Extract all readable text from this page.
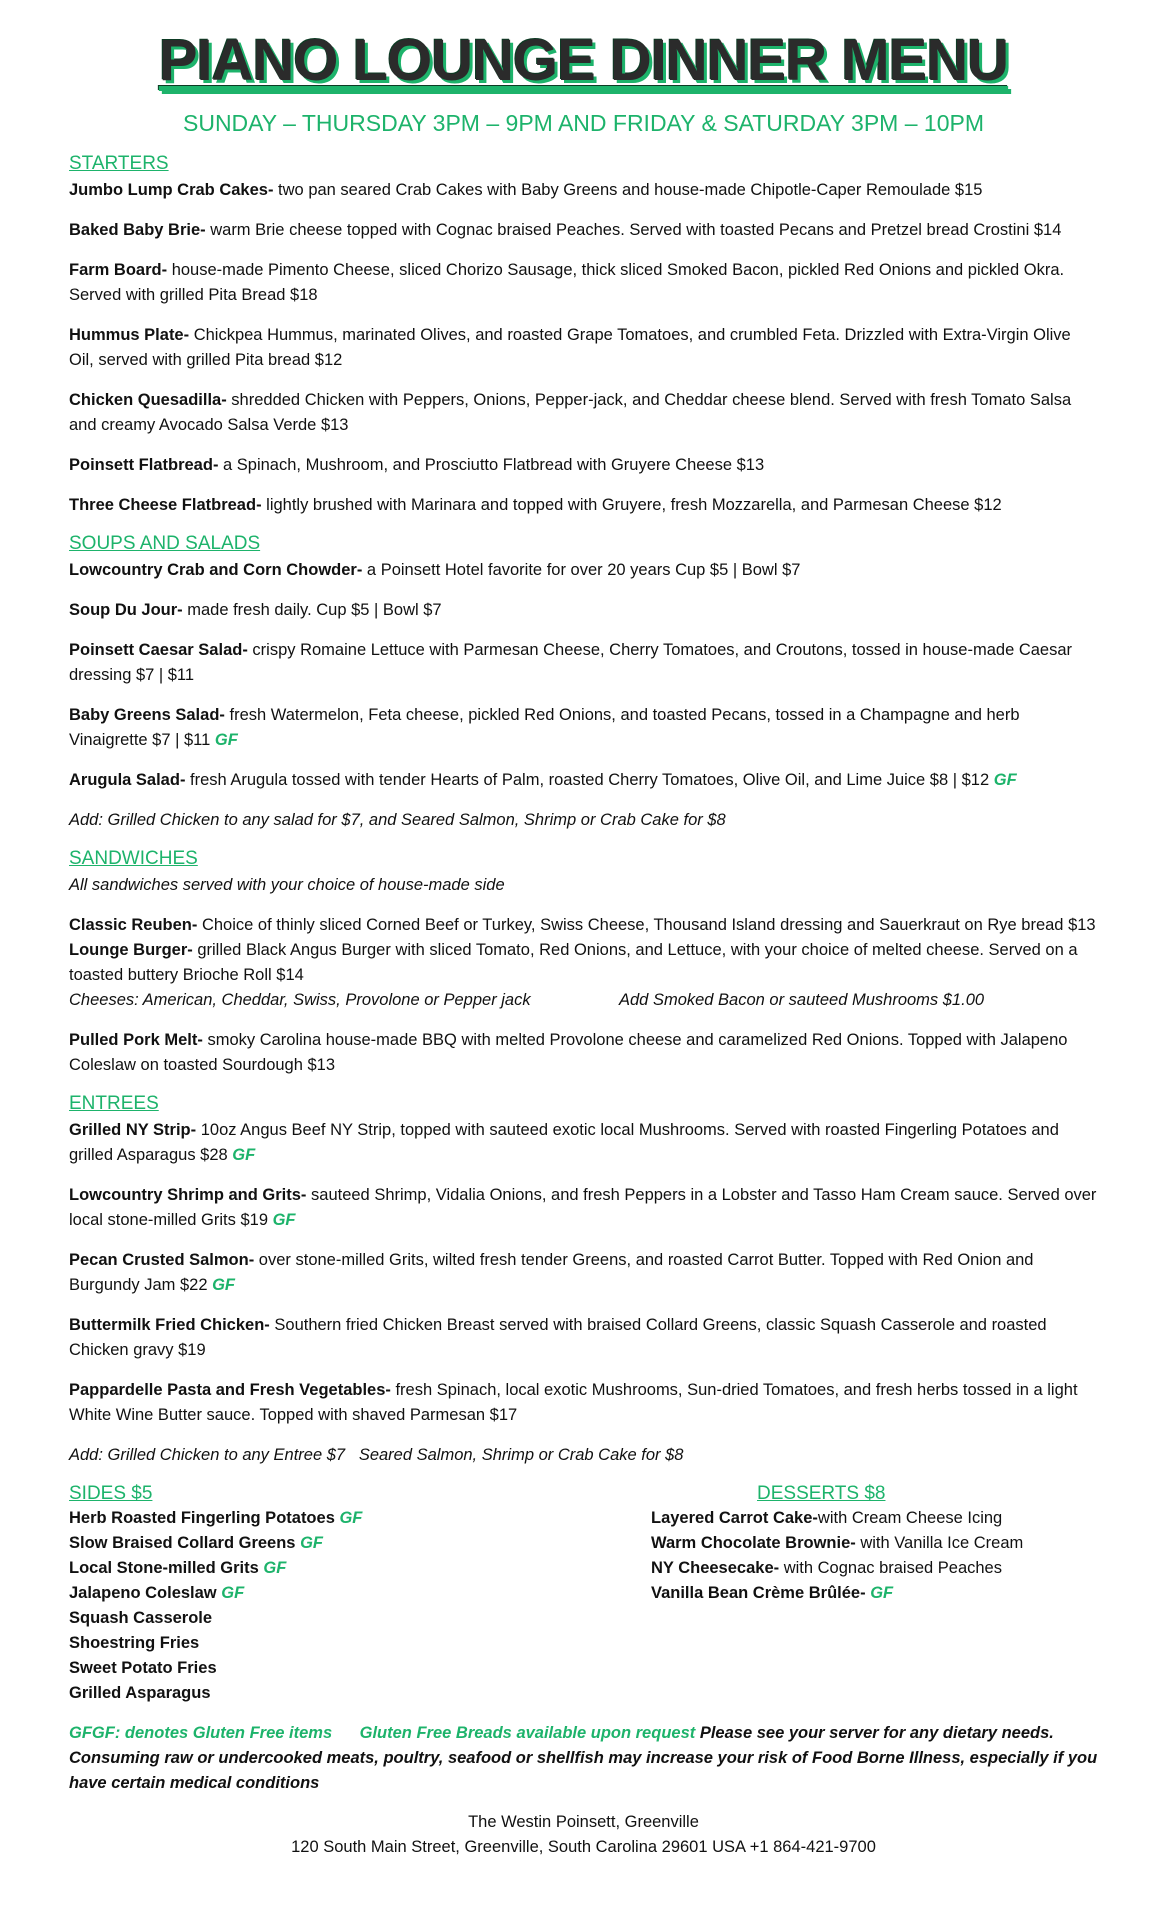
PIANO LOUNGE DINNER MENU
SUNDAY – THURSDAY 3PM – 9PM AND FRIDAY & SATURDAY 3PM – 10PM
STARTERS
Jumbo Lump Crab Cakes- two pan seared Crab Cakes with Baby Greens and house-made Chipotle-Caper Remoulade $15
Baked Baby Brie- warm Brie cheese topped with Cognac braised Peaches. Served with toasted Pecans and Pretzel bread Crostini $14
Farm Board- house-made Pimento Cheese, sliced Chorizo Sausage, thick sliced Smoked Bacon, pickled Red Onions and pickled Okra. Served with grilled Pita Bread $18
Hummus Plate- Chickpea Hummus, marinated Olives, and roasted Grape Tomatoes, and crumbled Feta. Drizzled with Extra-Virgin Olive Oil, served with grilled Pita bread $12
Chicken Quesadilla- shredded Chicken with Peppers, Onions, Pepper-jack, and Cheddar cheese blend. Served with fresh Tomato Salsa and creamy Avocado Salsa Verde $13
Poinsett Flatbread- a Spinach, Mushroom, and Prosciutto Flatbread with Gruyere Cheese $13
Three Cheese Flatbread- lightly brushed with Marinara and topped with Gruyere, fresh Mozzarella, and Parmesan Cheese $12
SOUPS AND SALADS
Lowcountry Crab and Corn Chowder- a Poinsett Hotel favorite for over 20 years Cup $5 | Bowl $7
Soup Du Jour- made fresh daily. Cup $5 | Bowl $7
Poinsett Caesar Salad- crispy Romaine Lettuce with Parmesan Cheese, Cherry Tomatoes, and Croutons, tossed in house-made Caesar dressing $7 | $11
Baby Greens Salad- fresh Watermelon, Feta cheese, pickled Red Onions, and toasted Pecans, tossed in a Champagne and herb Vinaigrette $7 | $11 GF
Arugula Salad- fresh Arugula tossed with tender Hearts of Palm, roasted Cherry Tomatoes, Olive Oil, and Lime Juice $8 | $12 GF
Add: Grilled Chicken to any salad for $7, and Seared Salmon, Shrimp or Crab Cake for $8
SANDWICHES
All sandwiches served with your choice of house-made side
Classic Reuben- Choice of thinly sliced Corned Beef or Turkey, Swiss Cheese, Thousand Island dressing and Sauerkraut on Rye bread $13
Lounge Burger- grilled Black Angus Burger with sliced Tomato, Red Onions, and Lettuce, with your choice of melted cheese. Served on a toasted buttery Brioche Roll $14
Cheeses: American, Cheddar, Swiss, Provolone or Pepper jack	Add Smoked Bacon or sauteed Mushrooms $1.00
Pulled Pork Melt- smoky Carolina house-made BBQ with melted Provolone cheese and caramelized Red Onions. Topped with Jalapeno Coleslaw on toasted Sourdough $13
ENTREES
Grilled NY Strip- 10oz Angus Beef NY Strip, topped with sauteed exotic local Mushrooms. Served with roasted Fingerling Potatoes and grilled Asparagus $28 GF
Lowcountry Shrimp and Grits- sauteed Shrimp, Vidalia Onions, and fresh Peppers in a Lobster and Tasso Ham Cream sauce. Served over local stone-milled Grits $19 GF
Pecan Crusted Salmon- over stone-milled Grits, wilted fresh tender Greens, and roasted Carrot Butter. Topped with Red Onion and Burgundy Jam $22 GF
Buttermilk Fried Chicken- Southern fried Chicken Breast served with braised Collard Greens, classic Squash Casserole and roasted Chicken gravy $19
Pappardelle Pasta and Fresh Vegetables- fresh Spinach, local exotic Mushrooms, Sun-dried Tomatoes, and fresh herbs tossed in a light White Wine Butter sauce. Topped with shaved Parmesan $17
Add: Grilled Chicken to any Entree $7   Seared Salmon, Shrimp or Crab Cake for $8
SIDES $5
Herb Roasted Fingerling Potatoes GF
Slow Braised Collard Greens GF
Local Stone-milled Grits GF
Jalapeno Coleslaw GF
Squash Casserole
Shoestring Fries
Sweet Potato Fries
Grilled Asparagus
DESSERTS $8
Layered Carrot Cake-with Cream Cheese Icing
Warm Chocolate Brownie- with Vanilla Ice Cream
NY Cheesecake- with Cognac braised Peaches
Vanilla Bean Crème Brûlée- GF
GFGF: denotes Gluten Free items Gluten Free Breads available upon request Please see your server for any dietary needs. Consuming raw or undercooked meats, poultry, seafood or shellfish may increase your risk of Food Borne Illness, especially if you have certain medical conditions
The Westin Poinsett, Greenville
120 South Main Street, Greenville, South Carolina 29601 USA +1 864-421-9700
